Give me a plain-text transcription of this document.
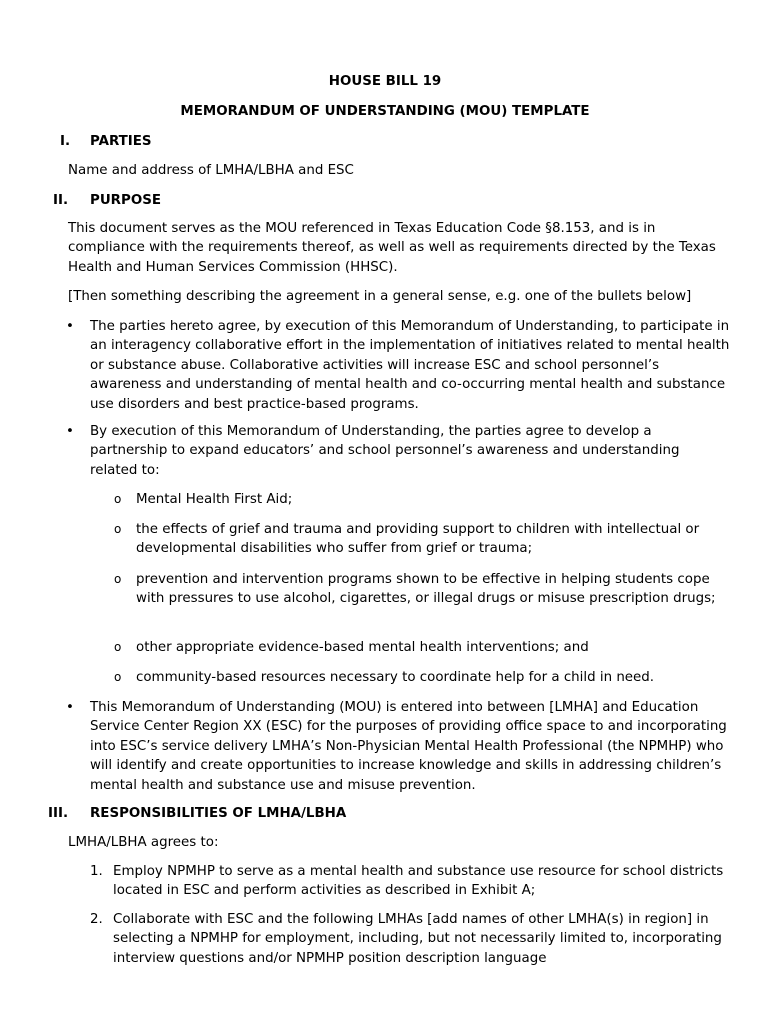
HOUSE BILL 19
MEMORANDUM OF UNDERSTANDING (MOU) TEMPLATE
I. PARTIES
Name and address of LMHA/LBHA and ESC
II. PURPOSE
This document serves as the MOU referenced in Texas Education Code §8.153, and is in compliance with the requirements thereof, as well as well as requirements directed by the Texas Health and Human Services Commission (HHSC).
[Then something describing the agreement in a general sense, e.g. one of the bullets below]
• The parties hereto agree, by execution of this Memorandum of Understanding, to participate in an interagency collaborative effort in the implementation of initiatives related to mental health or substance abuse. Collaborative activities will increase ESC and school personnel’s awareness and understanding of mental health and co-occurring mental health and substance use disorders and best practice-based programs.
• By execution of this Memorandum of Understanding, the parties agree to develop a partnership to expand educators’ and school personnel’s awareness and understanding related to:
o Mental Health First Aid;
o the effects of grief and trauma and providing support to children with intellectual or developmental disabilities who suffer from grief or trauma;
o prevention and intervention programs shown to be effective in helping students cope with pressures to use alcohol, cigarettes, or illegal drugs or misuse prescription drugs;
o other appropriate evidence-based mental health interventions; and
o community-based resources necessary to coordinate help for a child in need.
• This Memorandum of Understanding (MOU) is entered into between [LMHA] and Education Service Center Region XX (ESC) for the purposes of providing office space to and incorporating into ESC’s service delivery LMHA’s Non-Physician Mental Health Professional (the NPMHP) who will identify and create opportunities to increase knowledge and skills in addressing children’s mental health and substance use and misuse prevention.
III. RESPONSIBILITIES OF LMHA/LBHA
LMHA/LBHA agrees to:
1. Employ NPMHP to serve as a mental health and substance use resource for school districts located in ESC and perform activities as described in Exhibit A;
2. Collaborate with ESC and the following LMHAs [add names of other LMHA(s) in region] in selecting a NPMHP for employment, including, but not necessarily limited to, incorporating interview questions and/or NPMHP position description language
